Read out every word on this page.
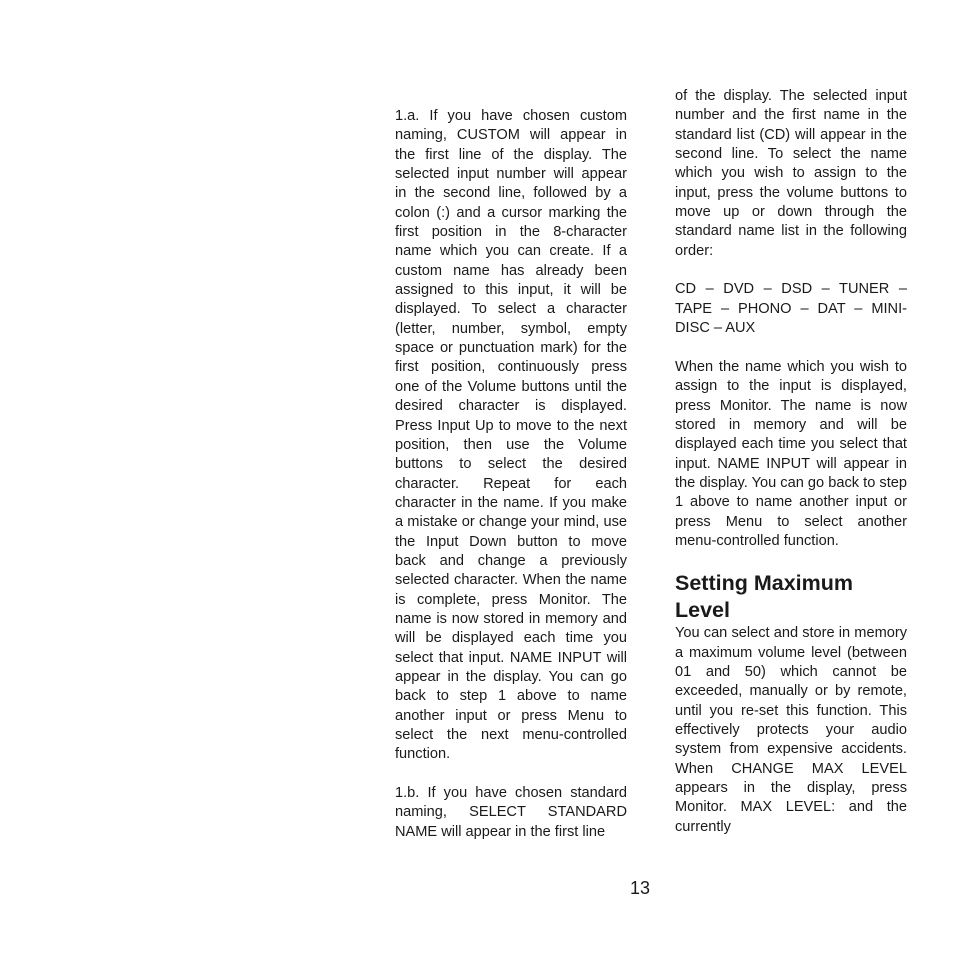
1.a. If you have chosen custom naming, CUSTOM will appear in the first line of the display. The selected input number will appear in the second line, followed by a colon (:) and a cursor marking the first position in the 8-character name which you can create. If a custom name has already been assigned to this input, it will be displayed. To select a character (letter, number, symbol, empty space or punctuation mark) for the first position, continuously press one of the Volume buttons until the desired character is displayed. Press Input Up to move to the next position, then use the Volume buttons to select the desired character. Repeat for each character in the name. If you make a mistake or change your mind, use the Input Down button to move back and change a previously selected character. When the name is complete, press Monitor. The name is now stored in memory and will be displayed each time you select that input. NAME INPUT will appear in the display. You can go back to step 1 above to name another input or press Menu to select the next menu-controlled function.

1.b. If you have chosen standard naming, SELECT STANDARD NAME will appear in the first line

of the display. The selected input number and the first name in the standard list (CD) will appear in the second line. To select the name which you wish to assign to the input, press the volume buttons to move up or down through the standard name list in the following order:

CD – DVD – DSD – TUNER – TAPE – PHONO – DAT – MINI-DISC – AUX

When the name which you wish to assign to the input is displayed, press Monitor. The name is now stored in memory and will be displayed each time you select that input. NAME INPUT will appear in the display. You can go back to step 1 above to name another input or press Menu to select another menu-controlled function.

Setting Maximum Level

You can select and store in memory a maximum volume level (between 01 and 50) which cannot be exceeded, manually or by remote, until you re-set this function. This effectively protects your audio system from expensive accidents. When CHANGE MAX LEVEL appears in the display, press Monitor. MAX LEVEL: and the currently

13
